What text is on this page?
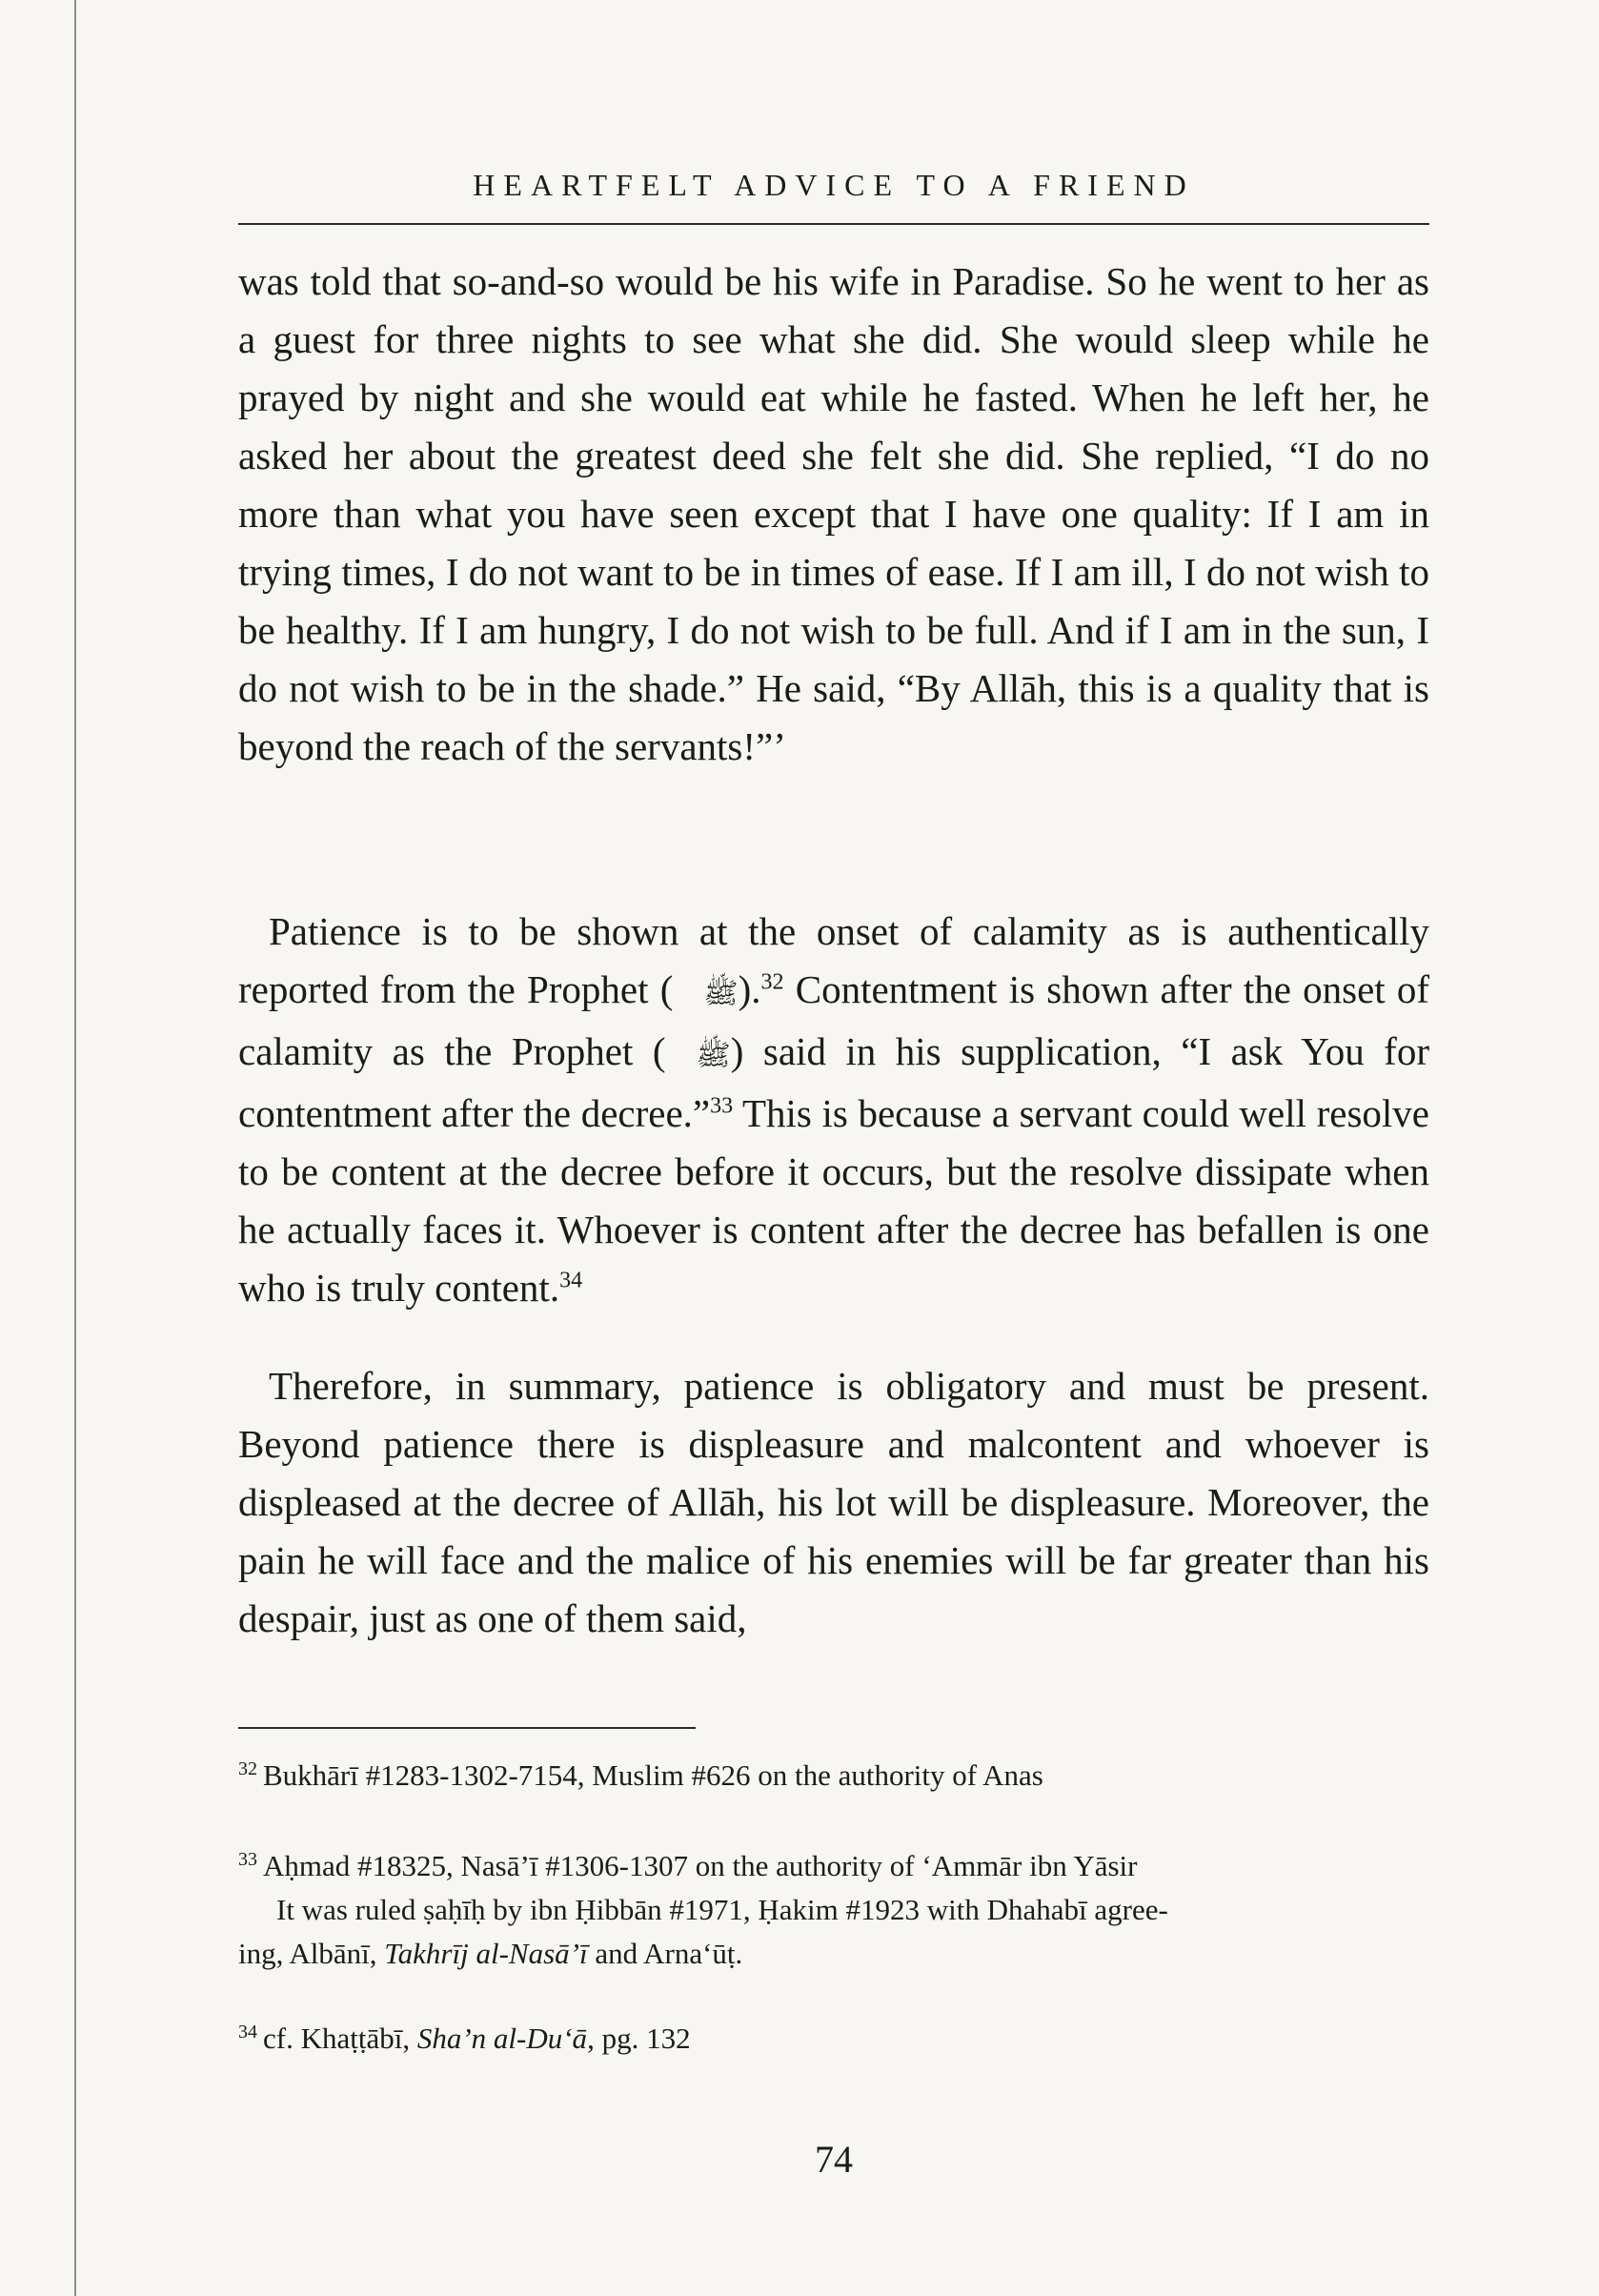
HEARTFELT ADVICE TO A FRIEND

was told that so-and-so would be his wife in Paradise. So he went to her as a guest for three nights to see what she did. She would sleep while he prayed by night and she would eat while he fasted. When he left her, he asked her about the greatest deed she felt she did. She replied, “I do no more than what you have seen except that I have one quality: If I am in trying times, I do not want to be in times of ease. If I am ill, I do not wish to be healthy. If I am hungry, I do not wish to be full. And if I am in the sun, I do not wish to be in the shade.” He said, “By Allāh, this is a quality that is beyond the reach of the servants!”’

Patience is to be shown at the onset of calamity as is authentically reported from the Prophet ( ﷺ).$^{32}$ Contentment is shown after the onset of calamity as the Prophet ( ﷺ) said in his supplication, “I ask You for contentment after the decree.”$^{33}$ This is because a servant could well resolve to be content at the decree before it occurs, but the resolve dissipate when he actually faces it. Whoever is content after the decree has befallen is one who is truly content.$^{34}$

Therefore, in summary, patience is obligatory and must be present. Beyond patience there is displeasure and malcontent and whoever is displeased at the decree of Allāh, his lot will be displeasure. Moreover, the pain he will face and the malice of his enemies will be far greater than his despair, just as one of them said,

$^{32}$ Bukhārī #1283-1302-7154, Muslim #626 on the authority of Anas

$^{33}$ Aḥmad #18325, Nasā’ī #1306-1307 on the authority of ‘Ammār ibn Yāsir
It was ruled ṣaḥīḥ by ibn Ḥibbān #1971, Ḥakim #1923 with Dhahabī agree-
ing, Albānī, Takhrīj al-Nasā’ī and Arna‘ūṭ.

$^{34}$ cf. Khaṭṭābī, Sha’n al-Du‘ā, pg. 132

74
